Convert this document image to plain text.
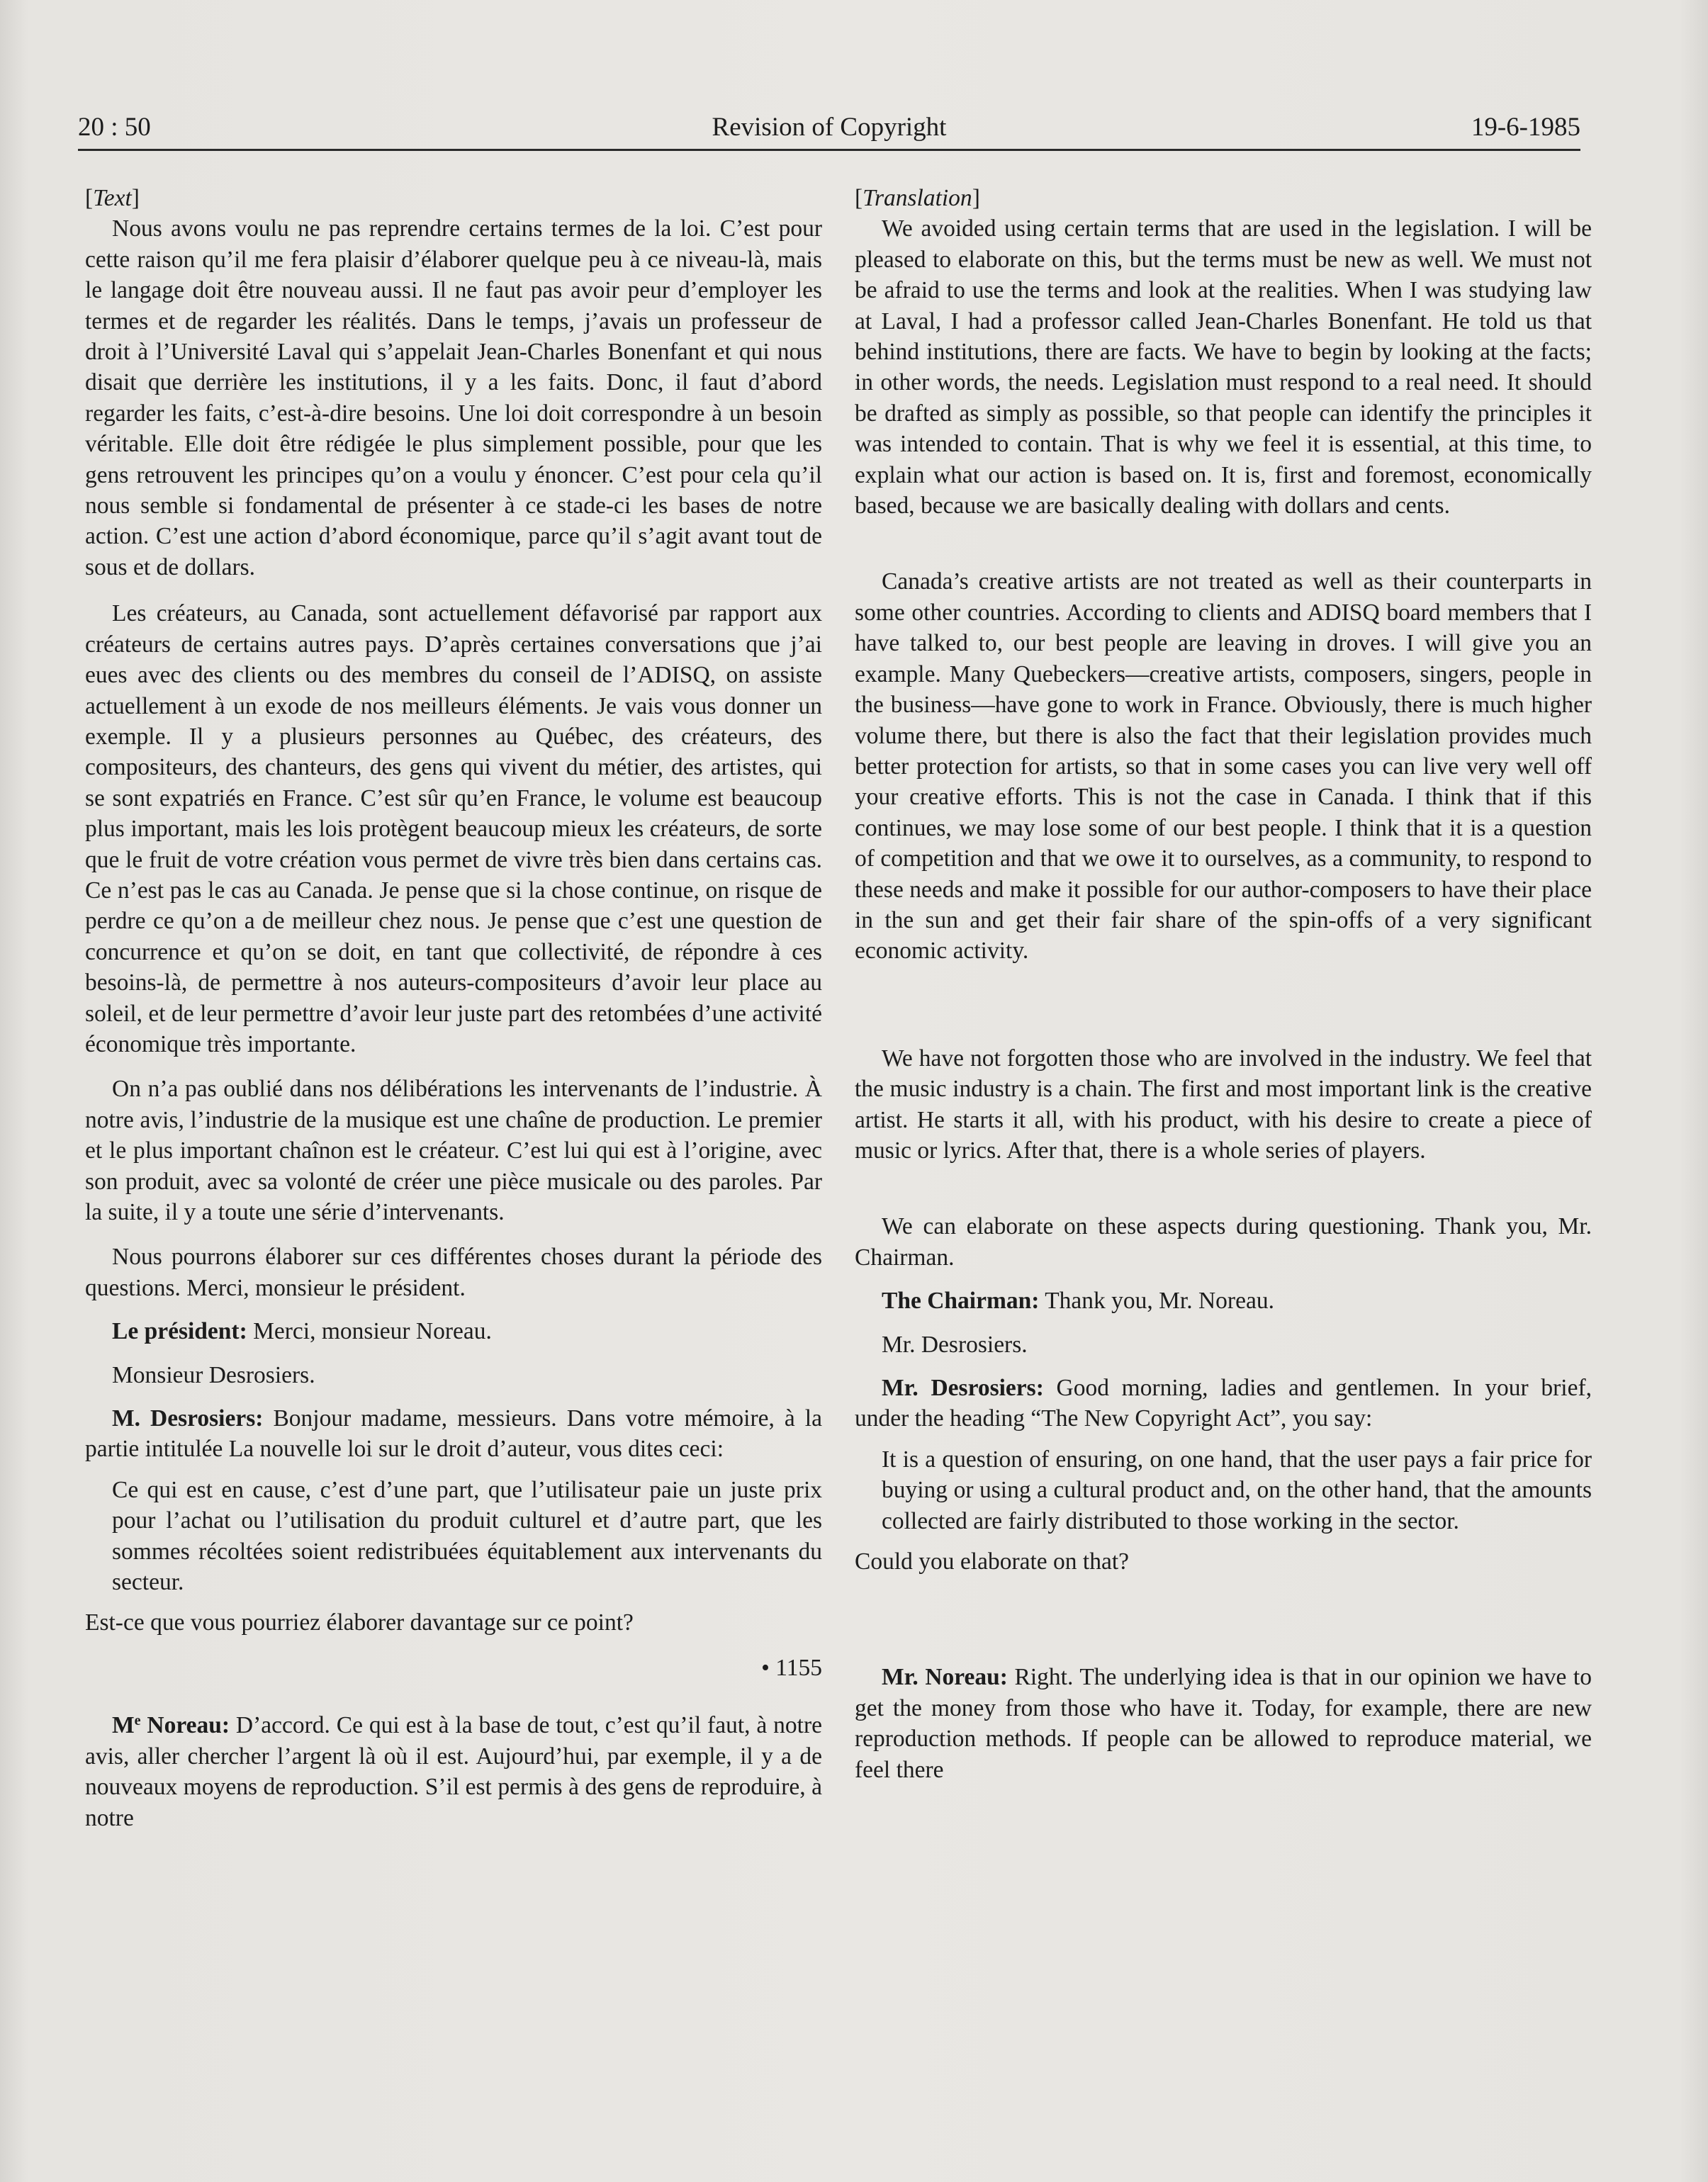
20 : 50	Revision of Copyright	19-6-1985

[Text]

Nous avons voulu ne pas reprendre certains termes de la loi. C’est pour cette raison qu’il me fera plaisir d’élaborer quelque peu à ce niveau-là, mais le langage doit être nouveau aussi. Il ne faut pas avoir peur d’employer les termes et de regarder les réalités. Dans le temps, j’avais un professeur de droit à l’Université Laval qui s’appelait Jean-Charles Bonenfant et qui nous disait que derrière les institutions, il y a les faits. Donc, il faut d’abord regarder les faits, c’est-à-dire besoins. Une loi doit correspondre à un besoin véritable. Elle doit être rédigée le plus simplement possible, pour que les gens retrouvent les principes qu’on a voulu y énoncer. C’est pour cela qu’il nous semble si fondamental de présenter à ce stade-ci les bases de notre action. C’est une action d’abord économique, parce qu’il s’agit avant tout de sous et de dollars.

Les créateurs, au Canada, sont actuellement défavorisé par rapport aux créateurs de certains autres pays. D’après certaines conversations que j’ai eues avec des clients ou des membres du conseil de l’ADISQ, on assiste actuellement à un exode de nos meilleurs éléments. Je vais vous donner un exemple. Il y a plusieurs personnes au Québec, des créateurs, des compositeurs, des chanteurs, des gens qui vivent du métier, des artistes, qui se sont expatriés en France. C’est sûr qu’en France, le volume est beaucoup plus important, mais les lois protègent beaucoup mieux les créateurs, de sorte que le fruit de votre création vous permet de vivre très bien dans certains cas. Ce n’est pas le cas au Canada. Je pense que si la chose continue, on risque de perdre ce qu’on a de meilleur chez nous. Je pense que c’est une question de concurrence et qu’on se doit, en tant que collectivité, de répondre à ces besoins-là, de permettre à nos auteurs-compositeurs d’avoir leur place au soleil, et de leur permettre d’avoir leur juste part des retombées d’une activité économique très importante.

On n’a pas oublié dans nos délibérations les intervenants de l’industrie. À notre avis, l’industrie de la musique est une chaîne de production. Le premier et le plus important chaînon est le créateur. C’est lui qui est à l’origine, avec son produit, avec sa volonté de créer une pièce musicale ou des paroles. Par la suite, il y a toute une série d’intervenants.

Nous pourrons élaborer sur ces différentes choses durant la période des questions. Merci, monsieur le président.

Le président: Merci, monsieur Noreau.

Monsieur Desrosiers.

M. Desrosiers: Bonjour madame, messieurs. Dans votre mémoire, à la partie intitulée La nouvelle loi sur le droit d’auteur, vous dites ceci:

Ce qui est en cause, c’est d’une part, que l’utilisateur paie un juste prix pour l’achat ou l’utilisation du produit culturel et d’autre part, que les sommes récoltées soient redistribuées équitablement aux intervenants du secteur.

Est-ce que vous pourriez élaborer davantage sur ce point?

• 1155

Me Noreau: D’accord. Ce qui est à la base de tout, c’est qu’il faut, à notre avis, aller chercher l’argent là où il est. Aujourd’hui, par exemple, il y a de nouveaux moyens de reproduction. S’il est permis à des gens de reproduire, à notre

[Translation]

We avoided using certain terms that are used in the legislation. I will be pleased to elaborate on this, but the terms must be new as well. We must not be afraid to use the terms and look at the realities. When I was studying law at Laval, I had a professor called Jean-Charles Bonenfant. He told us that behind institutions, there are facts. We have to begin by looking at the facts; in other words, the needs. Legislation must respond to a real need. It should be drafted as simply as possible, so that people can identify the principles it was intended to contain. That is why we feel it is essential, at this time, to explain what our action is based on. It is, first and foremost, economically based, because we are basically dealing with dollars and cents.

Canada’s creative artists are not treated as well as their counterparts in some other countries. According to clients and ADISQ board members that I have talked to, our best people are leaving in droves. I will give you an example. Many Quebeckers—creative artists, composers, singers, people in the business—have gone to work in France. Obviously, there is much higher volume there, but there is also the fact that their legislation provides much better protection for artists, so that in some cases you can live very well off your creative efforts. This is not the case in Canada. I think that if this continues, we may lose some of our best people. I think that it is a question of competition and that we owe it to ourselves, as a community, to respond to these needs and make it possible for our author-composers to have their place in the sun and get their fair share of the spin-offs of a very significant economic activity.

We have not forgotten those who are involved in the industry. We feel that the music industry is a chain. The first and most important link is the creative artist. He starts it all, with his product, with his desire to create a piece of music or lyrics. After that, there is a whole series of players.

We can elaborate on these aspects during questioning. Thank you, Mr. Chairman.

The Chairman: Thank you, Mr. Noreau.

Mr. Desrosiers.

Mr. Desrosiers: Good morning, ladies and gentlemen. In your brief, under the heading “The New Copyright Act”, you say:

It is a question of ensuring, on one hand, that the user pays a fair price for buying or using a cultural product and, on the other hand, that the amounts collected are fairly distributed to those working in the sector.

Could you elaborate on that?

Mr. Noreau: Right. The underlying idea is that in our opinion we have to get the money from those who have it. Today, for example, there are new reproduction methods. If people can be allowed to reproduce material, we feel there
